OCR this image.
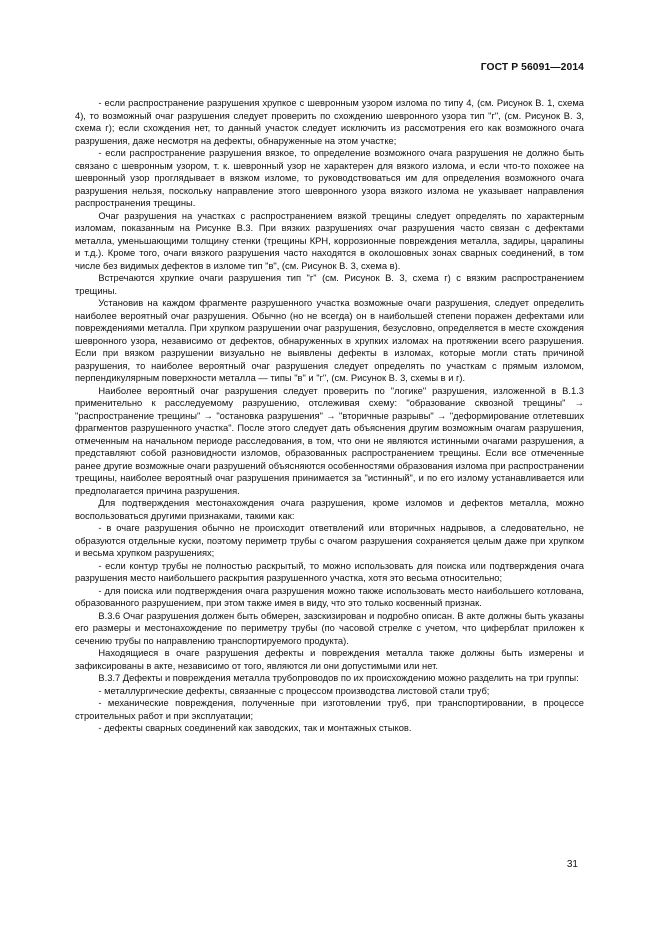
ГОСТ Р 56091—2014

- если распространение разрушения хрупкое с шевронным узором излома по типу 4, (см. Рисунок В. 1, схема 4), то возможный очаг разрушения следует проверить по схождению шевронного узора тип "г", (см. Рисунок В. 3, схема г); если схождения нет, то данный участок следует исключить из рассмотрения его как возможного очага разрушения, даже несмотря на дефекты, обнаруженные на этом участке;

- если распространение разрушения вязкое, то определение возможного очага разрушения не должно быть связано с шевронным узором, т. к. шевронный узор не характерен для вязкого излома, и если что-то похожее на шевронный узор проглядывает в вязком изломе, то руководствоваться им для определения возможного очага разрушения нельзя, поскольку направление этого шевронного узора вязкого излома не указывает направления распространения трещины.

Очаг разрушения на участках с распространением вязкой трещины следует определять по характерным изломам, показанным на Рисунке В.3. При вязких разрушениях очаг разрушения часто связан с дефектами металла, уменьшающими толщину стенки (трещины КРН, коррозионные повреждения металла, задиры, царапины и т.д.). Кроме того, очаги вязкого разрушения часто находятся в околошовных зонах сварных соединений, в том числе без видимых дефектов в изломе тип "в", (см. Рисунок В. 3, схема в).

Встречаются хрупкие очаги разрушения тип "г" (см. Рисунок В. 3, схема г) с вязким распространением трещины.

Установив на каждом фрагменте разрушенного участка возможные очаги разрушения, следует определить наиболее вероятный очаг разрушения. Обычно (но не всегда) он в наибольшей степени поражен дефектами или повреждениями металла. При хрупком разрушении очаг разрушения, безусловно, определяется в месте схождения шевронного узора, независимо от дефектов, обнаруженных в хрупких изломах на протяжении всего разрушения. Если при вязком разрушении визуально не выявлены дефекты в изломах, которые могли стать причиной разрушения, то наиболее вероятный очаг разрушения следует определять по участкам с прямым изломом, перпендикулярным поверхности металла — типы "в" и "г", (см. Рисунок В. 3, схемы в и г).

Наиболее вероятный очаг разрушения следует проверить по "логике" разрушения, изложенной в В.1.3 применительно к расследуемому разрушению, отслеживая схему: "образование сквозной трещины" → "распространение трещины" → "остановка разрушения" → "вторичные разрывы" → "деформирование отлетевших фрагментов разрушенного участка". После этого следует дать объяснения другим возможным очагам разрушения, отмеченным на начальном периоде расследования, в том, что они не являются истинными очагами разрушения, а представляют собой разновидности изломов, образованных распространением трещины. Если все отмеченные ранее другие возможные очаги разрушений объясняются особенностями образования излома при распространении трещины, наиболее вероятный очаг разрушения принимается за "истинный", и по его излому устанавливается или предполагается причина разрушения.

Для подтверждения местонахождения очага разрушения, кроме изломов и дефектов металла, можно воспользоваться другими признаками, такими как:

- в очаге разрушения обычно не происходит ответвлений или вторичных надрывов, а следовательно, не образуются отдельные куски, поэтому периметр трубы с очагом разрушения сохраняется целым даже при хрупком и весьма хрупком разрушениях;

- если контур трубы не полностью раскрытый, то можно использовать для поиска или подтверждения очага разрушения место наибольшего раскрытия разрушенного участка, хотя это весьма относительно;

- для поиска или подтверждения очага разрушения можно также использовать место наибольшего котлована, образованного разрушением, при этом также имея в виду, что это только косвенный признак.

В.3.6 Очаг разрушения должен быть обмерен, зазскизирован и подробно описан. В акте должны быть указаны его размеры и местонахождение по периметру трубы (по часовой стрелке с учетом, что циферблат приложен к сечению трубы по направлению транспортируемого продукта).

Находящиеся в очаге разрушения дефекты и повреждения металла также должны быть измерены и зафиксированы в акте, независимо от того, являются ли они допустимыми или нет.

В.3.7 Дефекты и повреждения металла трубопроводов по их происхождению можно разделить на три группы:

- металлургические дефекты, связанные с процессом производства листовой стали труб;

- механические повреждения, полученные при изготовлении труб, при транспортировании, в процессе строительных работ и при эксплуатации;

- дефекты сварных соединений как заводских, так и монтажных стыков.

31
